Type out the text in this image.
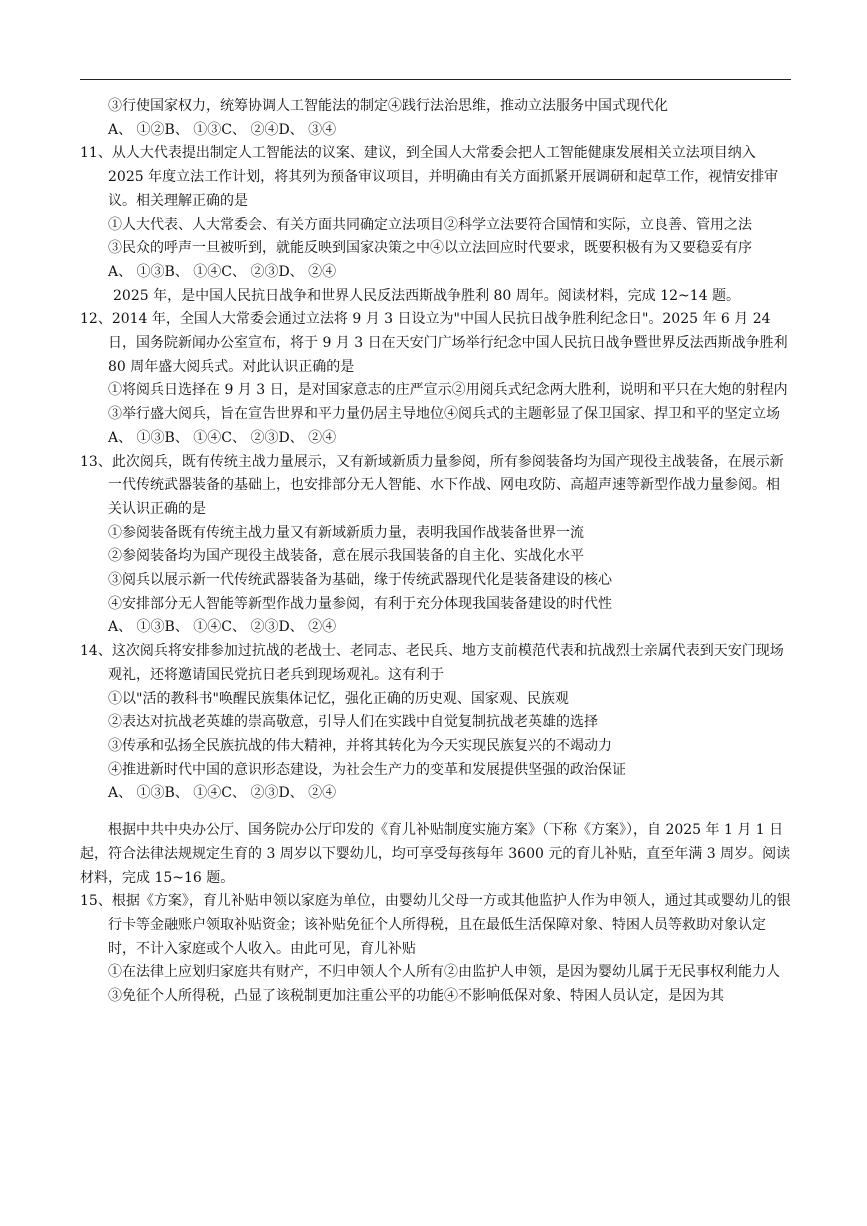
③行使国家权力，统筹协调人工智能法的制定④践行法治思维，推动立法服务中国式现代化
A、 ①②B、 ①③C、 ②④D、 ③④
11、从人大代表提出制定人工智能法的议案、建议，到全国人大常委会把人工智能健康发展相关立法项目纳入 2025 年度立法工作计划，将其列为预备审议项目，并明确由有关方面抓紧开展调研和起草工作，视情安排审议。相关理解正确的是
①人大代表、人大常委会、有关方面共同确定立法项目②科学立法要符合国情和实际，立良善、管用之法
③民众的呼声一旦被听到，就能反映到国家决策之中④以立法回应时代要求，既要积极有为又要稳妥有序
A、 ①③B、 ①④C、 ②③D、 ②④
2025 年，是中国人民抗日战争和世界人民反法西斯战争胜利 80 周年。阅读材料，完成 12~14 题。
12、2014 年，全国人大常委会通过立法将 9 月 3 日设立为"中国人民抗日战争胜利纪念日"。2025 年 6 月 24 日，国务院新闻办公室宣布，将于 9 月 3 日在天安门广场举行纪念中国人民抗日战争暨世界反法西斯战争胜利 80 周年盛大阅兵式。对此认识正确的是
①将阅兵日选择在 9 月 3 日，是对国家意志的庄严宣示②用阅兵式纪念两大胜利，说明和平只在大炮的射程内
③举行盛大阅兵，旨在宣告世界和平力量仍居主导地位④阅兵式的主题彰显了保卫国家、捍卫和平的坚定立场
A、 ①③B、 ①④C、 ②③D、 ②④
13、此次阅兵，既有传统主战力量展示，又有新域新质力量参阅，所有参阅装备均为国产现役主战装备，在展示新一代传统武器装备的基础上，也安排部分无人智能、水下作战、网电攻防、高超声速等新型作战力量参阅。相关认识正确的是
①参阅装备既有传统主战力量又有新域新质力量，表明我国作战装备世界一流
②参阅装备均为国产现役主战装备，意在展示我国装备的自主化、实战化水平
③阅兵以展示新一代传统武器装备为基础，缘于传统武器现代化是装备建设的核心
④安排部分无人智能等新型作战力量参阅，有利于充分体现我国装备建设的时代性
A、 ①③B、 ①④C、 ②③D、 ②④
14、这次阅兵将安排参加过抗战的老战士、老同志、老民兵、地方支前模范代表和抗战烈士亲属代表到天安门现场观礼，还将邀请国民党抗日老兵到现场观礼。这有利于
①以"活的教科书"唤醒民族集体记忆，强化正确的历史观、国家观、民族观
②表达对抗战老英雄的崇高敬意，引导人们在实践中自觉复制抗战老英雄的选择
③传承和弘扬全民族抗战的伟大精神，并将其转化为今天实现民族复兴的不竭动力
④推进新时代中国的意识形态建设，为社会生产力的变革和发展提供坚强的政治保证
A、 ①③B、 ①④C、 ②③D、 ②④
根据中共中央办公厅、国务院办公厅印发的《育儿补贴制度实施方案》（下称《方案》），自 2025 年 1 月 1 日起，符合法律法规规定生育的 3 周岁以下婴幼儿，均可享受每孩每年 3600 元的育儿补贴，直至年满 3 周岁。阅读材料，完成 15~16 题。
15、根据《方案》，育儿补贴申领以家庭为单位，由婴幼儿父母一方或其他监护人作为申领人，通过其或婴幼儿的银行卡等金融账户领取补贴资金；该补贴免征个人所得税，且在最低生活保障对象、特困人员等救助对象认定时，不计入家庭或个人收入。由此可见，育儿补贴
①在法律上应划归家庭共有财产，不归申领人个人所有②由监护人申领，是因为婴幼儿属于无民事权利能力人
③免征个人所得税，凸显了该税制更加注重公平的功能④不影响低保对象、特困人员认定，是因为其
